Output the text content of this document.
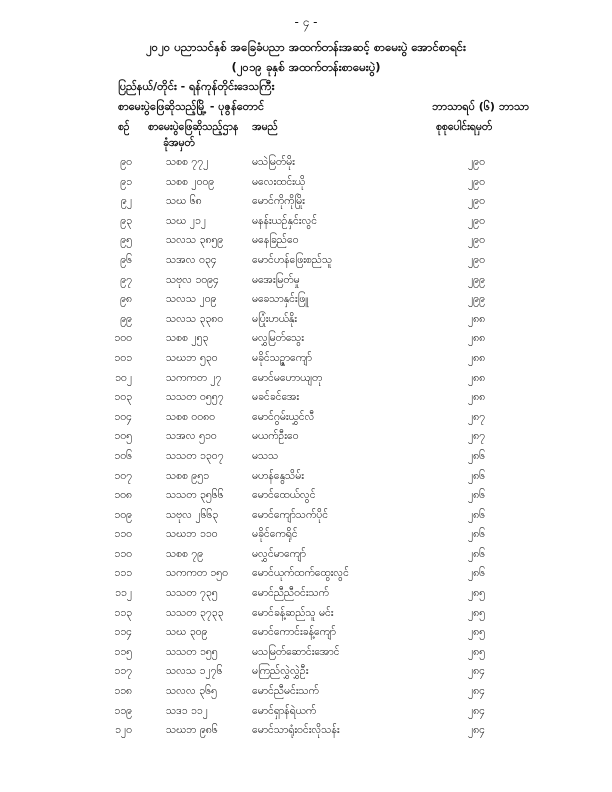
- ၄ -
၂၀၂၀ ပညာသင်နှစ် အခြေခံပညာ အထက်တန်းအဆင့် စာမေးပွဲ အောင်စာရင်း
(၂၀၁၉ ခုနှစ် အထက်တန်းစာမေးပွဲ)
ပြည်နယ်/တိုင်း - ရန်ကုန်တိုင်းဒေသကြီး
စာမေးပွဲဖြေဆိုသည့်မြို့ - ပုဇွန်တောင်	ဘာသာရပ် (၆) ဘာသာ
စဉ် စာမေးပွဲဖြေဆိုသည့်ဌာန
ခုံအမှတ်
အမည်	စုစုပေါင်းရမှတ်
၉၀	သစစ ၇၇၂	မသဲမြတ်မိုး	၂၉၀
၉၁	သစစ ၂၀၀၉	မလေးထင်းယို	၂၉၀
၉၂	သဃ ၆၈	မောင်ကိုကိုမြိုး	၂၉၀
၉၃	သဃ ၂၁၂	မနန်းယဉ်နှင်းလွင်	၂၉၀
၉၅	သလသ ၃၈၅၉	မနေခြည်ဝေ	၂၉၀
၉၆	သအလ ၀၃၄	မောင်ဟန်ဖြေးစည်သူ	၂၉၀
၉၇	သဗုလ ၁၀၉၄	မအေးမြတ်မှု	၂၉၉
၉၈	သလသ ၂၀၉	မခေသာနှင်းဖြူ	၂၉၉
၉၉	သလသ ၃၃၈၀	မပြုံးဟယ်နိုး	၂၈၈
၁၀၀	သစစ ၂၅၃	မလွှမြတ်သွေး	၂၈၈
၁၀၁	သဃဘ ၅၃၀	မခိုင်သဉ္ဇာကျော်	၂၈၈
၁၀၂	သကကတ ၂၇	မောင်မဟောယျတု	၂၈၈
၁၀၃	သသတ ၀၅၅၇	မခင်ခင်အေး	၂၈၈
၁၀၄	သစစ ၀၀၈၀	မောင်ဂွမ်းယွှင်လီ	၂၈၇
၁၀၅	သအလ ၅၁၀	မယက်ဦးဝေ	၂၈၇
၁၀၆	သသတ ၁၃၀၇	မသသ	၂၈၆
၁၀၇	သစစ ၉၅၁	မဟန်နွေသိမ်း	၂၈၆
၁၀၈	သသတ ၃၅၆၆	မောင်ထေယ်လွင်	၂၈၆
၁၀၉	သဗုလ ၂၆၆၃	မောင်ကျော်သက်ပိုင်	၂၈၆
၁၁၀	သဃဘ ၁၁၀	မခိုင်ကေရိုင်	၂၈၆
၁၁၀	သစစ ၇၉	မလွှင်မာကျော်	၂၈၆
၁၁၁	သကကတ ၁၅၀ မောင်ယုက်ထက်ထွေးလွင်	၂၈၆
၁၁၂	သသတ ၇၃၅	မောင်ညီညီဝင်းသက်	၂၈၅
၁၁၃	သသတ ၃၇၃၃	မောင်ခန့်ဆည်သူ မင်း	၂၈၅
၁၁၄	သဃ ၃၀၉	မောင်ကောင်းခန့်ကျော်	၂၈၅
၁၁၅	သသတ ၁၅၅	မသမြတ်ဆောင်းအောင်	၂၈၅
၁၁၇	သလသ ၁၂၇၆	မကြည်လွှဲလွှဲဦး	၂၈၄
၁၁၈	သလလ ၃၆၅	မောင်ညီမင်းသက်	၂၈၄
၁၁၉	သဒ၁ ၁၁၂	မောင်ရှာန်ရဲယက်	၂၈၄
၁၂၀	သဃဘ ၉၈၆	မောင်သာရုံးဝင်းလိုသန်း	၂၈၄
